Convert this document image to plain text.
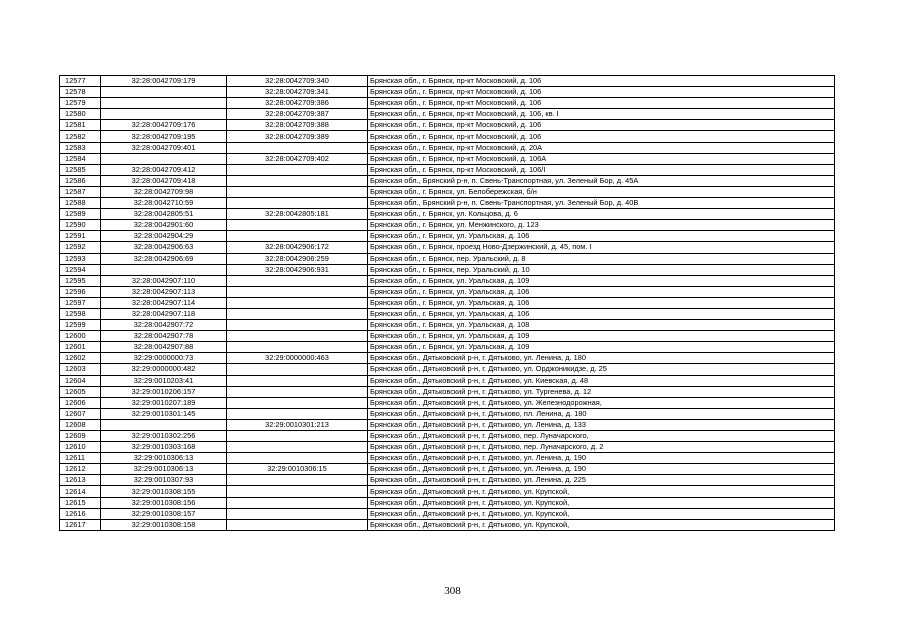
12577	32:28:0042709:179	32:28:0042709:340	Брянская обл., г. Брянск, пр-кт Московский, д. 106
12578		32:28:0042709:341	Брянская обл., г. Брянск, пр-кт Московский, д. 106
12579		32:28:0042709:386	Брянская обл., г. Брянск, пр-кт Московский, д. 106
12580		32:28:0042709:387	Брянская обл., г. Брянск, пр-кт Московский, д. 106, кв. I
12581	32:28:0042709:176	32:28:0042709:388	Брянская обл., г. Брянск, пр-кт Московский, д. 106
12582	32:28:0042709:195	32:28:0042709:389	Брянская обл., г. Брянск, пр-кт Московский, д. 106
12583	32:28:0042709:401		Брянская обл., г. Брянск, пр-кт Московский, д. 20А
12584		32:28:0042709:402	Брянская обл., г. Брянск, пр-кт Московский, д. 106А
12585	32:28:0042709:412		Брянская обл., г. Брянск, пр-кт Московский, д. 106/I
12586	32:28:0042709:418		Брянская обл., Брянский р-н, п. Свень-Транспортная, ул. Зеленый Бор, д. 45А
12587	32:28:0042709:98		Брянская обл., г. Брянск, ул. Белобережская, б/н
12588	32:28:0042710:59		Брянская обл., Брянский р-н, п. Свень-Транспортная, ул. Зеленый Бор, д. 40В
12589	32:28:0042805:51	32:28:0042805:181	Брянская обл., г. Брянск, ул. Кольцова, д. 6
12590	32:28:0042901:60		Брянская обл., г. Брянск, ул. Менжинского, д. 123
12591	32:28:0042904:29		Брянская обл., г. Брянск, ул. Уральская, д. 106
12592	32:28:0042906:63	32:28:0042906:172	Брянская обл., г. Брянск, проезд Ново-Дзержинский, д. 45, пом. I
12593	32:28:0042906:69	32:28:0042906:259	Брянская обл., г. Брянск, пер. Уральский, д. 8
12594		32:28:0042906:931	Брянская обл., г. Брянск, пер. Уральский, д. 10
12595	32:28:0042907:110		Брянская обл., г. Брянск, ул. Уральская, д. 109
12596	32:28:0042907:113		Брянская обл., г. Брянск, ул. Уральская, д. 106
12597	32:28:0042907:114		Брянская обл., г. Брянск, ул. Уральская, д. 106
12598	32:28:0042907:118		Брянская обл., г. Брянск, ул. Уральская, д. 106
12599	32:28:0042907:72		Брянская обл., г. Брянск, ул. Уральская, д. 108
12600	32:28:0042907:78		Брянская обл., г. Брянск, ул. Уральская, д. 109
12601	32:28:0042907:88		Брянская обл., г. Брянск, ул. Уральская, д. 109
12602	32:29:0000000:73	32:29:0000000:463	Брянская обл., Дятьковский р-н, г. Дятьково, ул. Ленина, д. 180
12603	32:29:0000000:482		Брянская обл., Дятьковский р-н, г. Дятьково, ул. Орджоникидзе, д. 25
12604	32:29:0010203:41		Брянская обл., Дятьковский р-н, г. Дятьково, ул. Киевская, д. 48
12605	32:29:0010206:157		Брянская обл., Дятьковский р-н, г. Дятьково, ул. Тургенева, д. 12
12606	32:29:0010207:189		Брянская обл., Дятьковский р-н, г. Дятьково, ул. Железнодорожная,
12607	32:29:0010301:145		Брянская обл., Дятьковский р-н, г. Дятьково, пл. Ленина, д. 180
12608		32:29:0010301:213	Брянская обл., Дятьковский р-н, г. Дятьково, ул. Ленина, д. 133
12609	32:29:0010302:256		Брянская обл., Дятьковский р-н, г. Дятьково, пер. Луначарского,
12610	32:29:0010303:168		Брянская обл., Дятьковский р-н, г. Дятьково, пер. Луначарского, д. 2
12611	32:29:0010306:13		Брянская обл., Дятьковский р-н, г. Дятьково, ул. Ленина, д. 190
12612	32:29:0010306:13	32:29:0010306:15	Брянская обл., Дятьковский р-н, г. Дятьково, ул. Ленина, д. 190
12613	32:29:0010307:93		Брянская обл., Дятьковский р-н, г. Дятьково, ул. Ленина, д. 225
12614	32:29:0010308:155		Брянская обл., Дятьковский р-н, г. Дятьково, ул. Крупской,
12615	32:29:0010308:156		Брянская обл., Дятьковский р-н, г. Дятьково, ул. Крупской,
12616	32:29:0010308:157		Брянская обл., Дятьковский р-н, г. Дятьково, ул. Крупской,
12617	32:29:0010308:158		Брянская обл., Дятьковский р-н, г. Дятьково, ул. Крупской,
308
